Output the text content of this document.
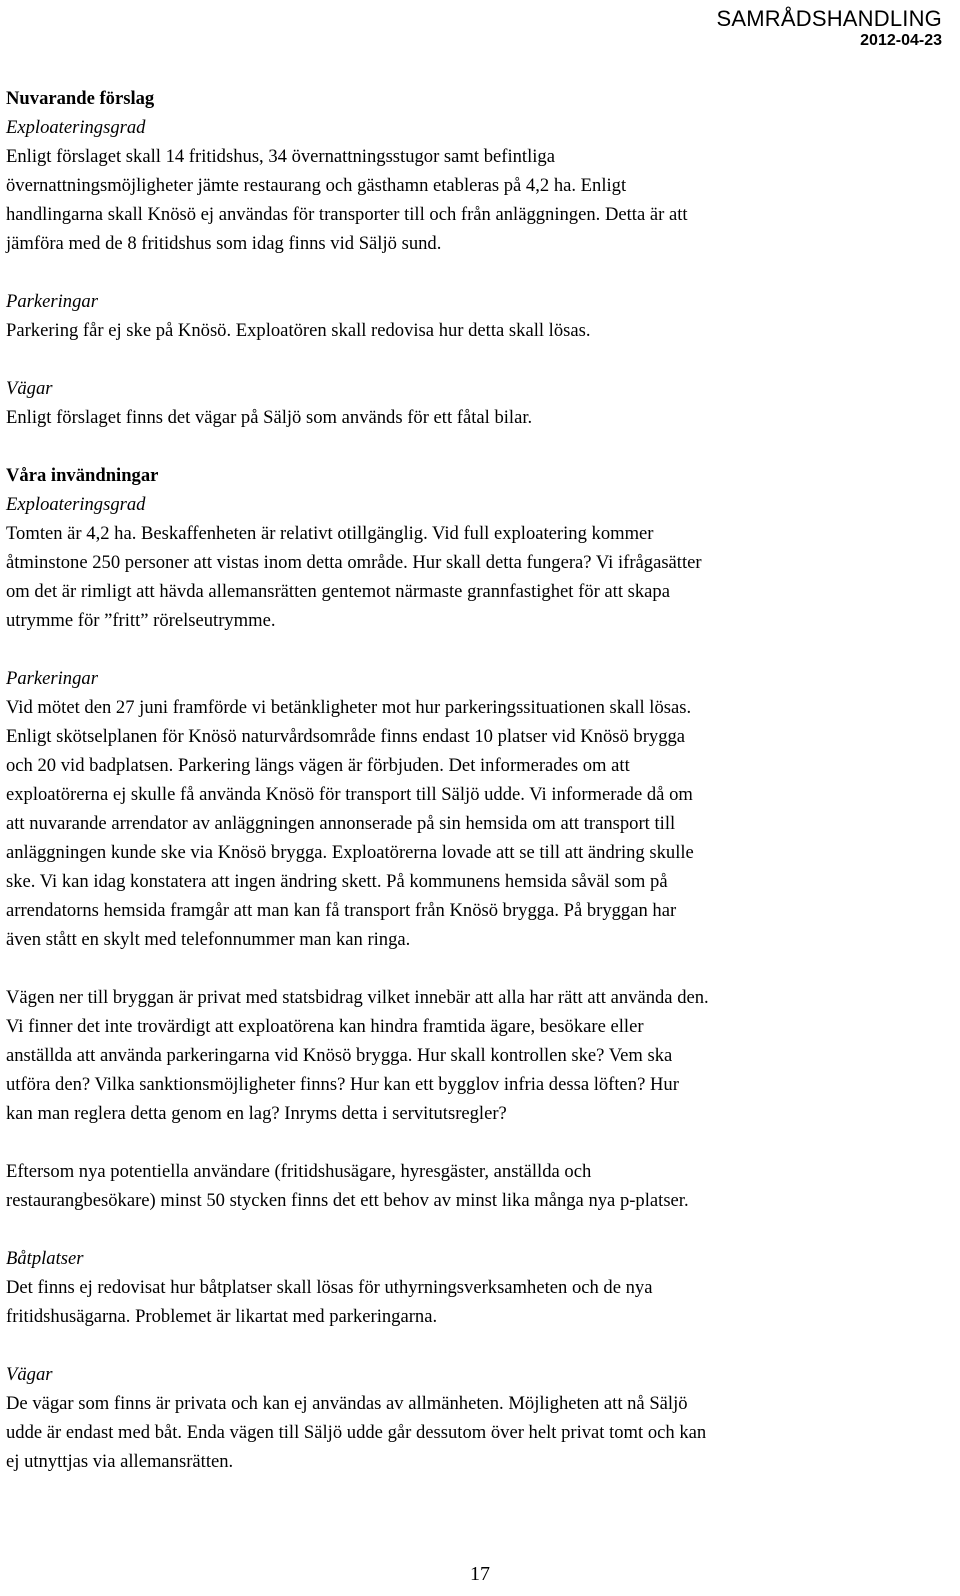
SAMRÅDSHANDLING
2012-04-23

Nuvarande förslag

Exploateringsgrad

Enligt förslaget skall 14 fritidshus, 34 övernattningsstugor samt befintliga

övernattningsmöjligheter jämte restaurang och gästhamn etableras på 4,2 ha. Enligt

handlingarna skall Knösö ej användas för transporter till och från anläggningen. Detta är att

jämföra med de 8 fritidshus som idag finns vid Säljö sund.

Parkeringar

Parkering får ej ske på Knösö. Exploatören skall redovisa hur detta skall lösas.

Vägar

Enligt förslaget finns det vägar på Säljö som används för ett fåtal bilar.

Våra invändningar

Exploateringsgrad

Tomten är 4,2 ha. Beskaffenheten är relativt otillgänglig. Vid full exploatering kommer

åtminstone 250 personer att vistas inom detta område. Hur skall detta fungera? Vi ifrågasätter

om det är rimligt att hävda allemansrätten gentemot närmaste grannfastighet för att skapa

utrymme för ”fritt” rörelseutrymme.

Parkeringar

Vid mötet den 27 juni framförde vi betänkligheter mot hur parkeringssituationen skall lösas.

Enligt skötselplanen för Knösö naturvårdsområde finns endast 10 platser vid Knösö brygga

och 20 vid badplatsen. Parkering längs vägen är förbjuden. Det informerades om att

exploatörerna ej skulle få använda Knösö för transport till Säljö udde. Vi informerade då om

att nuvarande arrendator av anläggningen annonserade på sin hemsida om att transport till

anläggningen kunde ske via Knösö brygga. Exploatörerna lovade att se till att ändring skulle

ske. Vi kan idag konstatera att ingen ändring skett. På kommunens hemsida såväl som på

arrendatorns hemsida framgår att man kan få transport från Knösö brygga. På bryggan har

även stått en skylt med telefonnummer man kan ringa.

Vägen ner till bryggan är privat med statsbidrag vilket innebär att alla har rätt att använda den.

Vi finner det inte trovärdigt att exploatörena kan hindra framtida ägare, besökare eller

anställda att använda parkeringarna vid Knösö brygga. Hur skall kontrollen ske? Vem ska

utföra den? Vilka sanktionsmöjligheter finns? Hur kan ett bygglov infria dessa löften? Hur

kan man reglera detta genom en lag? Inryms detta i servitutsregler?

Eftersom nya potentiella användare (fritidshusägare, hyresgäster, anställda och

restaurangbesökare) minst 50 stycken finns det ett behov av minst lika många nya p-platser.

Båtplatser

Det finns ej redovisat hur båtplatser skall lösas för uthyrningsverksamheten och de nya

fritidshusägarna. Problemet är likartat med parkeringarna.

Vägar

De vägar som finns är privata och kan ej användas av allmänheten. Möjligheten att nå Säljö

udde är endast med båt. Enda vägen till Säljö udde går dessutom över helt privat tomt och kan

ej utnyttjas via allemansrätten.

17
